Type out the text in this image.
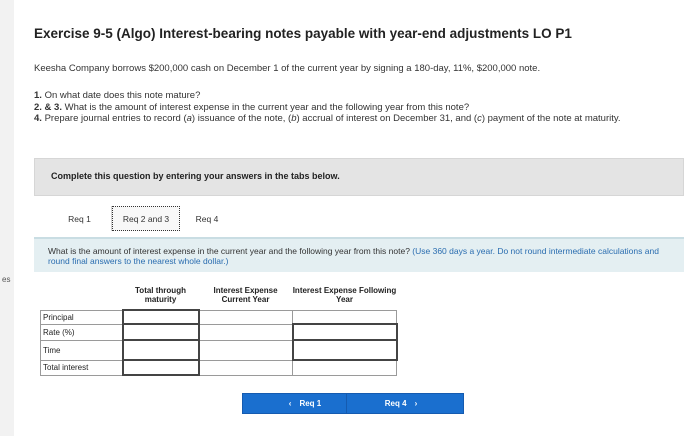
es
Exercise 9-5 (Algo) Interest-bearing notes payable with year-end adjustments LO P1
Keesha Company borrows $200,000 cash on December 1 of the current year by signing a 180-day, 11%, $200,000 note.

1. On what date does this note mature?

2. & 3. What is the amount of interest expense in the current year and the following year from this note?

4. Prepare journal entries to record (a) issuance of the note, (b) accrual of interest on December 31, and (c) payment of the note at maturity.

Complete this question by entering your answers in the tabs below.
Req 1	Req 2 and 3	Req 4
What is the amount of interest expense in the current year and the following year from this note? (Use 360 days a year. Do not round intermediate calculations and round final answers to the nearest whole dollar.)
	Total through maturity	Interest Expense Current Year	Interest Expense Following Year
Principal			
Rate (%)			
Time			
Total interest			
‹ Req 1	Req 4 ›
